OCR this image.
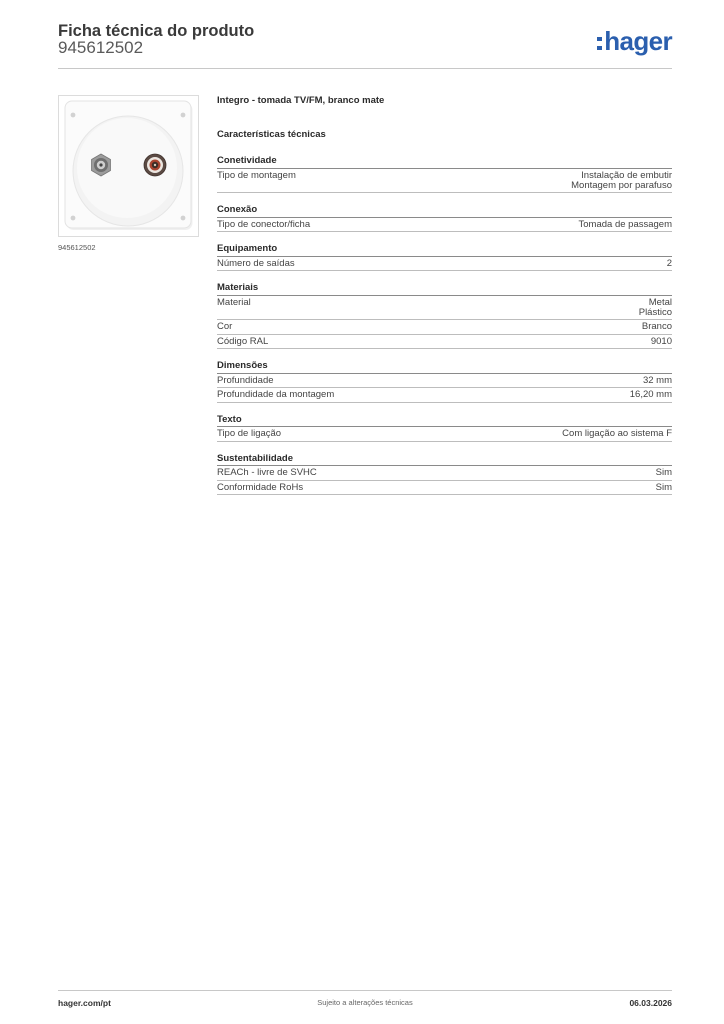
Ficha técnica do produto
945612502	hager
945612502
Integro - tomada TV/FM, branco mate
Características técnicas
Conetividade
Tipo de montagem	Instalação de embutir
Montagem por parafuso
Conexão
Tipo de conector/ficha	Tomada de passagem
Equipamento
Número de saídas	2
Materiais
Material	Metal
Plástico
Cor	Branco
Código RAL	9010
Dimensões
Profundidade	32 mm
Profundidade da montagem	16,20 mm
Texto
Tipo de ligação	Com ligação ao sistema F
Sustentabilidade
REACh - livre de SVHC	Sim
Conformidade RoHs	Sim
hager.com/pt	Sujeito a alterações técnicas	06.03.2026
